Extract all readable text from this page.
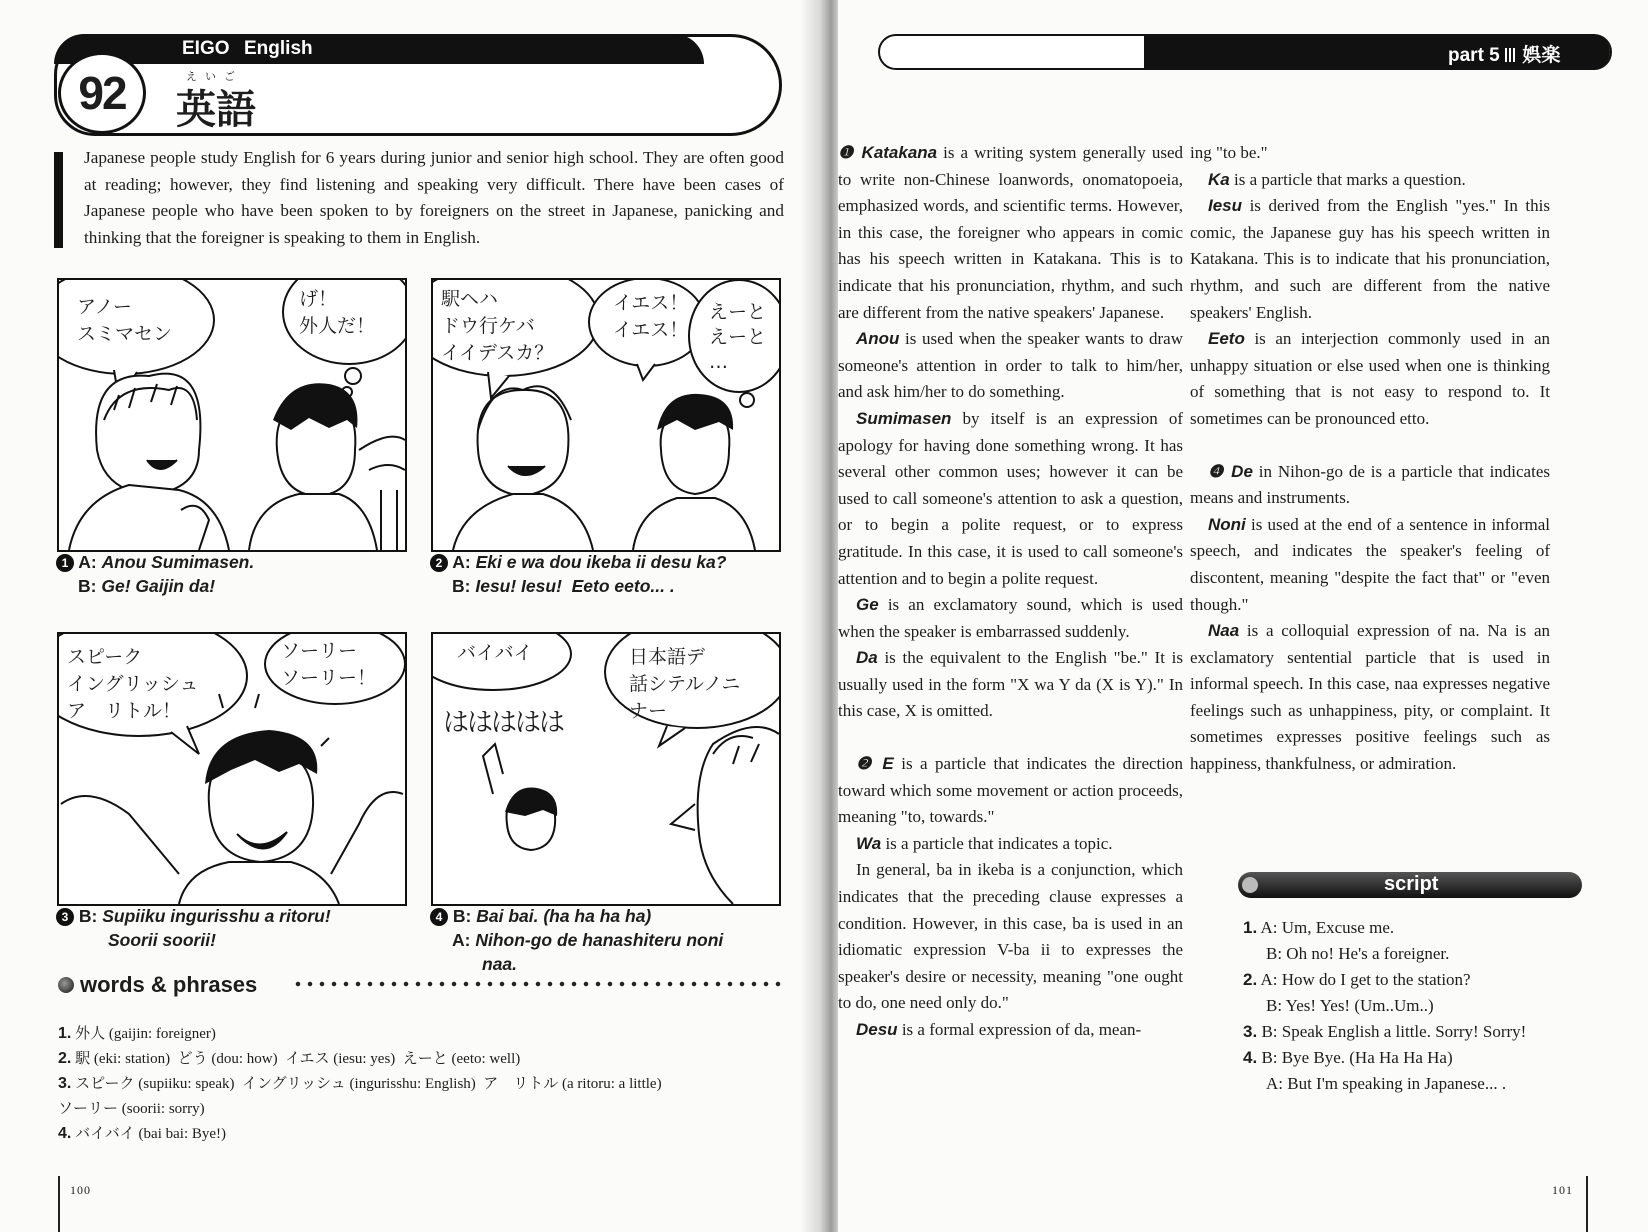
EIGO English
92	えいご
英語
Japanese people study English for 6 years during junior and senior high school. They are often good at reading; however, they find listening and speaking very difficult. There have been cases of Japanese people who have been spoken to by foreigners on the street in Japanese, panicking and thinking that the foreigner is speaking to them in English.
アノー
スミマセン
げ！
外人だ！
1 A: Anou Sumimasen.
B: Ge! Gaijin da!
駅ヘハ
ドウ行ケバ
イイデスカ？
イエス！
イエス！
えーと
えーと
…
2 A: Eki e wa dou ikeba ii desu ka?
B: Iesu! Iesu!  Eeto eeto... .
スピーク
イングリッシュ
ア　リトル！
ソーリー
ソーリー！
3 B: Supiiku ingurisshu a ritoru!
Soorii soorii!
バイバイ	日本語デ
話シテルノニ
ナー
ははははは
4 B: Bai bai. (ha ha ha ha)
A: Nihon-go de hanashiteru noni
naa.
words & phrases
1. 外人 (gaijin: foreigner)
2. 駅 (eki: station)  どう (dou: how)  イエス (iesu: yes)  えーと (eeto: well)
3. スピーク (supiiku: speak)  イングリッシュ (ingurisshu: English)  ア　リトル (a ritoru: a little)
ソーリー (soorii: sorry)
4. バイバイ (bai bai: Bye!)
100
part 5 娯楽

❶ Katakana is a writing system generally used to write non-Chinese loanwords, onomatopoeia, emphasized words, and scientific terms. However, in this case, the foreigner who appears in comic has his speech written in Katakana. This is to indicate that his pronunciation, rhythm, and such are different from the native speakers' Japanese.

Anou is used when the speaker wants to draw someone's attention in order to talk to him/her, and ask him/her to do something.

Sumimasen by itself is an expression of apology for having done something wrong. It has several other common uses; however it can be used to call someone's attention to ask a question, or to begin a polite request, or to express gratitude. In this case, it is used to call someone's attention and to begin a polite request.

Ge is an exclamatory sound, which is used when the speaker is embarrassed suddenly.

Da is the equivalent to the English "be." It is usually used in the form "X wa Y da (X is Y)." In this case, X is omitted.

❷ E is a particle that indicates the direction toward which some movement or action proceeds, meaning "to, towards."

Wa is a particle that indicates a topic.

In general, ba in ikeba is a conjunction, which indicates that the preceding clause expresses a condition. However, in this case, ba is used in an idiomatic expression V-ba ii to expresses the speaker's desire or necessity, meaning "one ought to do, one need only do."

Desu is a formal expression of da, mean-

ing "to be."

Ka is a particle that marks a question.

Iesu is derived from the English "yes." In this comic, the Japanese guy has his speech written in Katakana. This is to indicate that his pronunciation, rhythm, and such are different from the native speakers' English.

Eeto is an interjection commonly used in an unhappy situation or else used when one is thinking of something that is not easy to respond to. It sometimes can be pronounced etto.

❹ De in Nihon-go de is a particle that indicates means and instruments.

Noni is used at the end of a sentence in informal speech, and indicates the speaker's feeling of discontent, meaning "despite the fact that" or "even though."

Naa is a colloquial expression of na. Na is an exclamatory sentential particle that is used in informal speech. In this case, naa expresses negative feelings such as unhappiness, pity, or complaint. It sometimes expresses positive feelings such as happiness, thankfulness, or admiration.

script
1. A: Um, Excuse me.
B: Oh no! He's a foreigner.
2. A: How do I get to the station?
B: Yes! Yes! (Um..Um..)
3. B: Speak English a little. Sorry! Sorry!
4. B: Bye Bye. (Ha Ha Ha Ha)
A: But I'm speaking in Japanese... .
101
